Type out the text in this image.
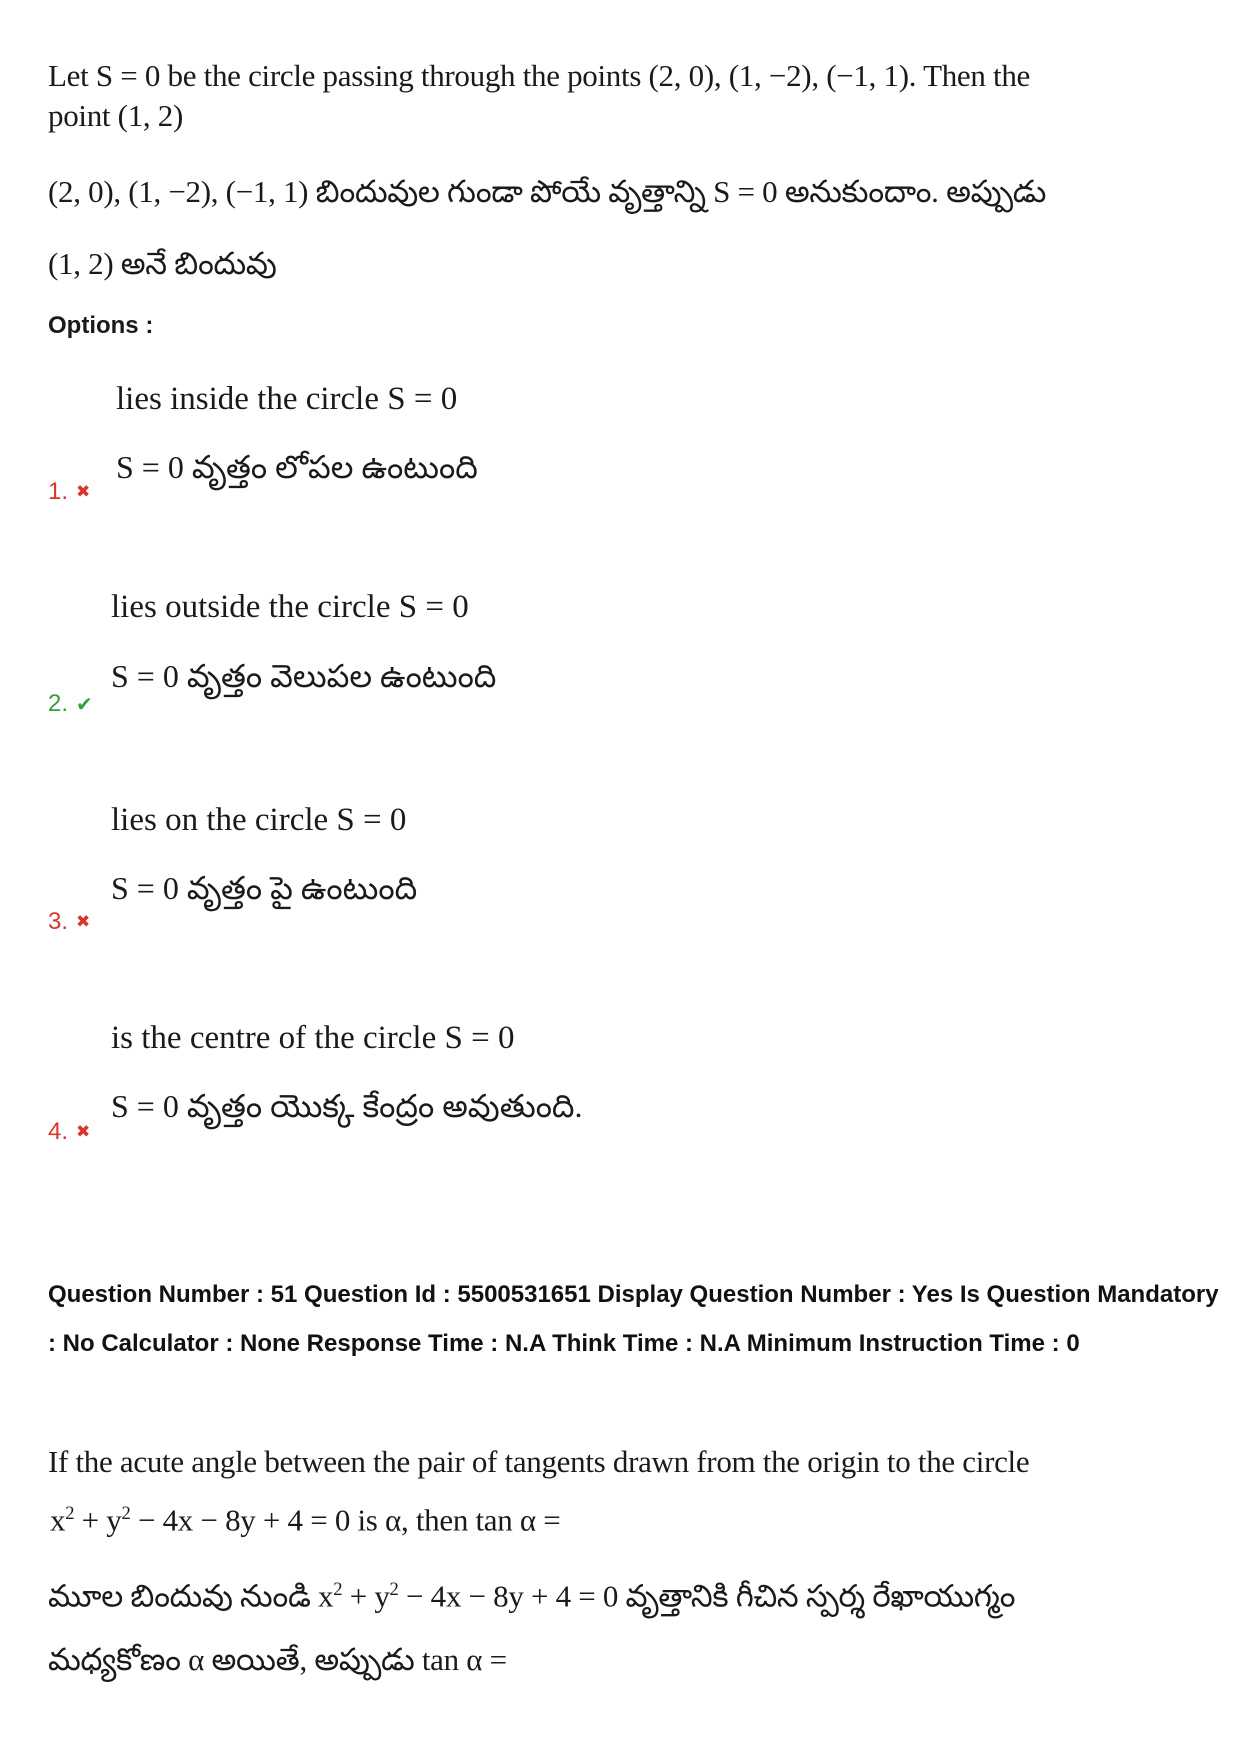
Let S = 0 be the circle passing through the points (2, 0), (1, −2), (−1, 1). Then the
point (1, 2)
(2, 0), (1, −2), (−1, 1) బిందువుల గుండా పోయే వృత్తాన్ని S = 0 అనుకుందాం. అప్పుడు
(1, 2) అనే బిందువు
Options :
lies inside the circle S = 0
S = 0 వృత్తం లోపల ఉంటుంది
1. ✖
lies outside the circle S = 0
S = 0 వృత్తం వెలుపల ఉంటుంది
2. ✔
lies on the circle S = 0
S = 0 వృత్తం పై ఉంటుంది
3. ✖
is the centre of the circle S = 0
S = 0 వృత్తం యొక్క కేంద్రం అవుతుంది.
4. ✖
Question Number : 51 Question Id : 5500531651 Display Question Number : Yes Is Question Mandatory : No Calculator : None Response Time : N.A Think Time : N.A Minimum Instruction Time : 0
If the acute angle between the pair of tangents drawn from the origin to the circle
$x^2 + y^2 - 4x - 8y + 4 = 0$ is α, then tan α =
మూల బిందువు నుండి $x^2 + y^2 - 4x - 8y + 4 = 0$ వృత్తానికి గీచిన స్పర్శ రేఖాయుగ్మం
మధ్యకోణం α అయితే, అప్పుడు tan α =
